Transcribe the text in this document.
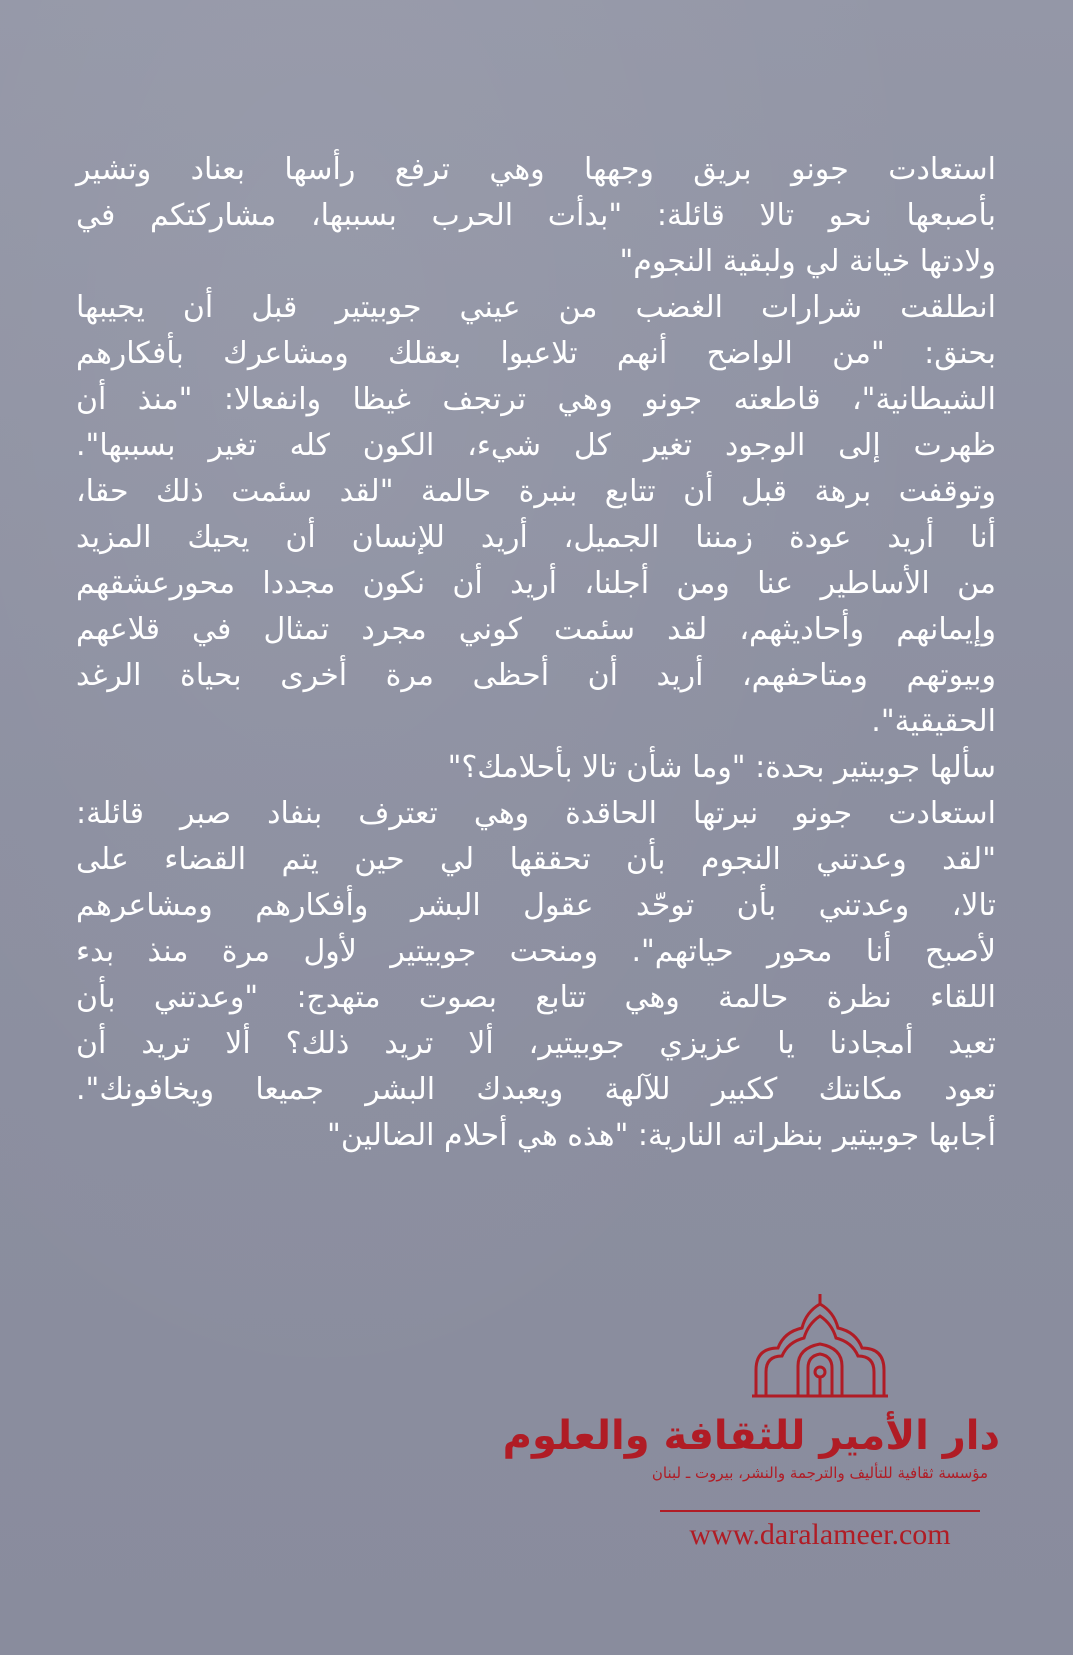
استعادت جونو بريق وجهها وهي ترفع رأسها بعناد وتشير
بأصبعها نحو تالا قائلة: "بدأت الحرب بسببها، مشاركتكم في
ولادتها خيانة لي ولبقية النجوم"
انطلقت شرارات الغضب من عيني جوبيتير قبل أن يجيبها
بحنق: "من الواضح أنهم تلاعبوا بعقلك ومشاعرك بأفكارهم
الشيطانية"، قاطعته جونو وهي ترتجف غيظا وانفعالا: "منذ أن
ظهرت إلى الوجود تغير كل شيء، الكون كله تغير بسببها".
وتوقفت برهة قبل أن تتابع بنبرة حالمة "لقد سئمت ذلك حقا،
أنا أريد عودة زمننا الجميل، أريد للإنسان أن يحيك المزيد
من الأساطير عنا ومن أجلنا، أريد أن نكون مجددا محورعشقهم
وإيمانهم وأحاديثهم، لقد سئمت كوني مجرد تمثال في قلاعهم
وبيوتهم ومتاحفهم، أريد أن أحظى مرة أخرى بحياة الرغد
الحقيقية".
سألها جوبيتير بحدة: "وما شأن تالا بأحلامك؟"
استعادت جونو نبرتها الحاقدة وهي تعترف بنفاد صبر قائلة:
"لقد وعدتني النجوم بأن تحققها لي حين يتم القضاء على
تالا، وعدتني بأن توحّد عقول البشر وأفكارهم ومشاعرهم
لأصبح أنا محور حياتهم". ومنحت جوبيتير لأول مرة منذ بدء
اللقاء نظرة حالمة وهي تتابع بصوت متهدج: "وعدتني بأن
تعيد أمجادنا يا عزيزي جوبيتير، ألا تريد ذلك؟ ألا تريد أن
تعود مكانتك ككبير للآلهة ويعبدك البشر جميعا ويخافونك".
أجابها جوبيتير بنظراته النارية: "هذه هي أحلام الضالين"
دار الأمير للثقافة والعلوم
مؤسسة ثقافية للتأليف والترجمة والنشر، بيروت ـ لبنان
www.daralameer.com
